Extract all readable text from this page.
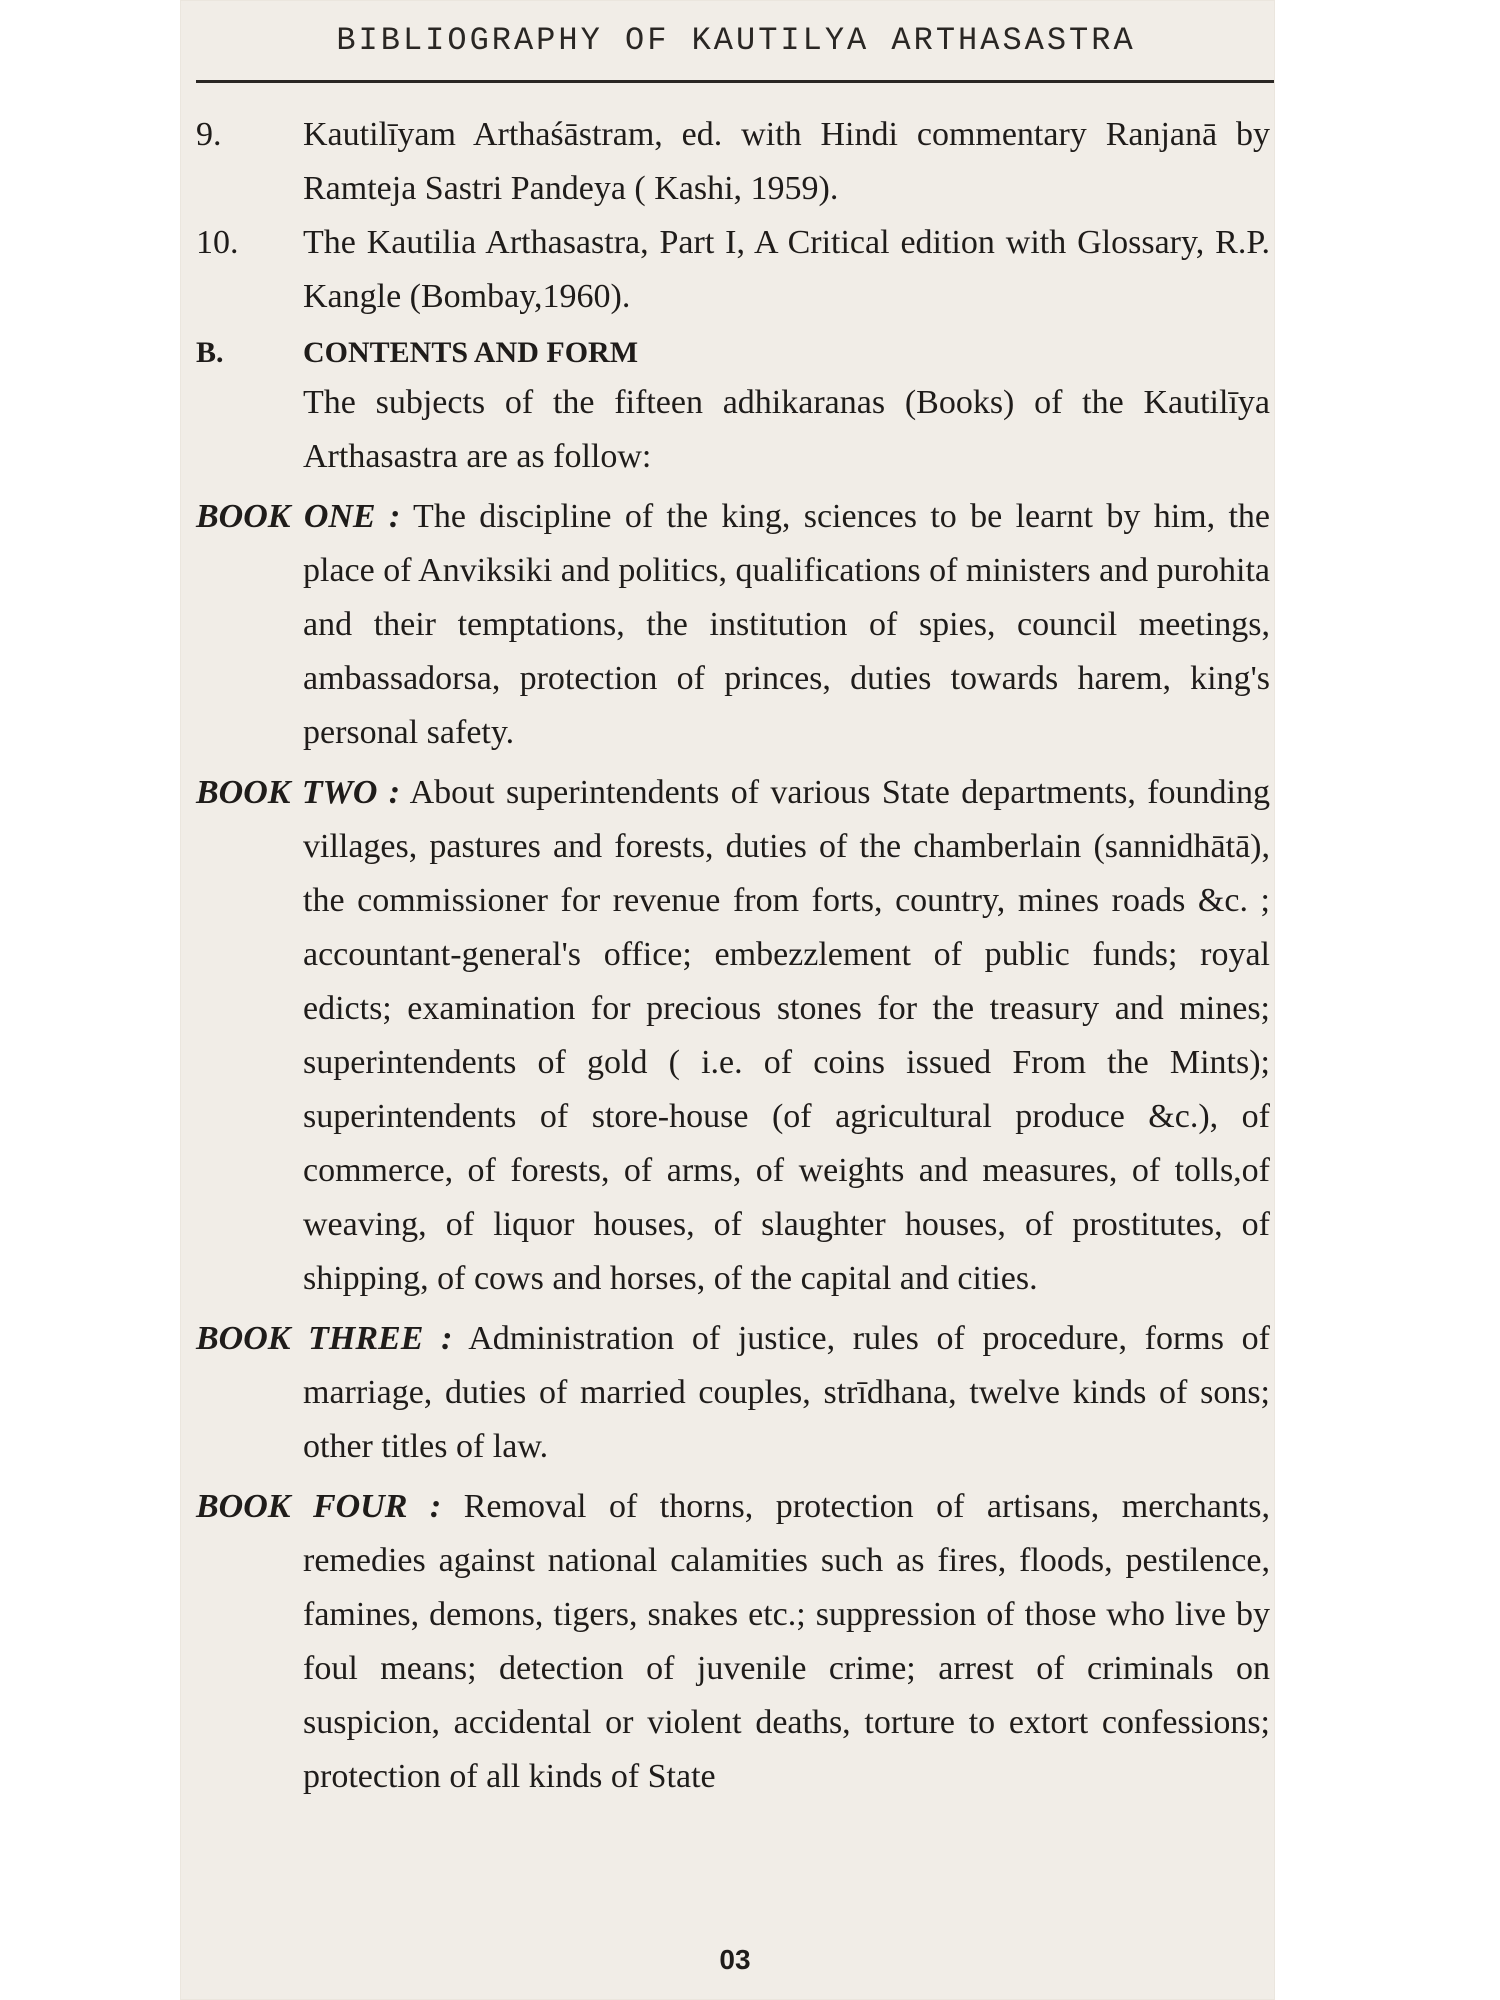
BIBLIOGRAPHY OF KAUTILYA ARTHASASTRA
9. Kautilīyam Arthaśāstram, ed. with Hindi commentary Ranjanā by Ramteja Sastri Pandeya ( Kashi, 1959).
10. The Kautilia Arthasastra, Part I, A Critical edition with Glossary, R.P. Kangle (Bombay,1960).
B.	CONTENTS AND FORM
The subjects of the fifteen adhikaranas (Books) of the Kautilīya Arthasastra are as follow:
BOOK ONE : The discipline of the king, sciences to be learnt by him, the place of Anviksiki and politics, qualifications of ministers and purohita and their temptations, the institution of spies, council meetings, ambassadorsa, protection of princes, duties towards harem, king's personal safety.
BOOK TWO : About superintendents of various State departments, founding villages, pastures and forests, duties of the chamberlain (sannidhātā), the commissioner for revenue from forts, country, mines roads &c. ; accountant-general's office; embezzlement of public funds; royal edicts; examination for precious stones for the treasury and mines; superintendents of gold ( i.e. of coins issued From the Mints); superintendents of store-house (of agricultural produce &c.), of commerce, of forests, of arms, of weights and measures, of tolls,of weaving, of liquor houses, of slaughter houses, of prostitutes, of shipping, of cows and horses, of the capital and cities.
BOOK THREE : Administration of justice, rules of procedure, forms of marriage, duties of married couples, strīdhana, twelve kinds of sons; other titles of law.
BOOK FOUR : Removal of thorns, protection of artisans, merchants, remedies against national calamities such as fires, floods, pestilence, famines, demons, tigers, snakes etc.; suppression of those who live by foul means; detection of juvenile crime; arrest of criminals on suspicion, accidental or violent deaths, torture to extort confessions; protection of all kinds of State
03
